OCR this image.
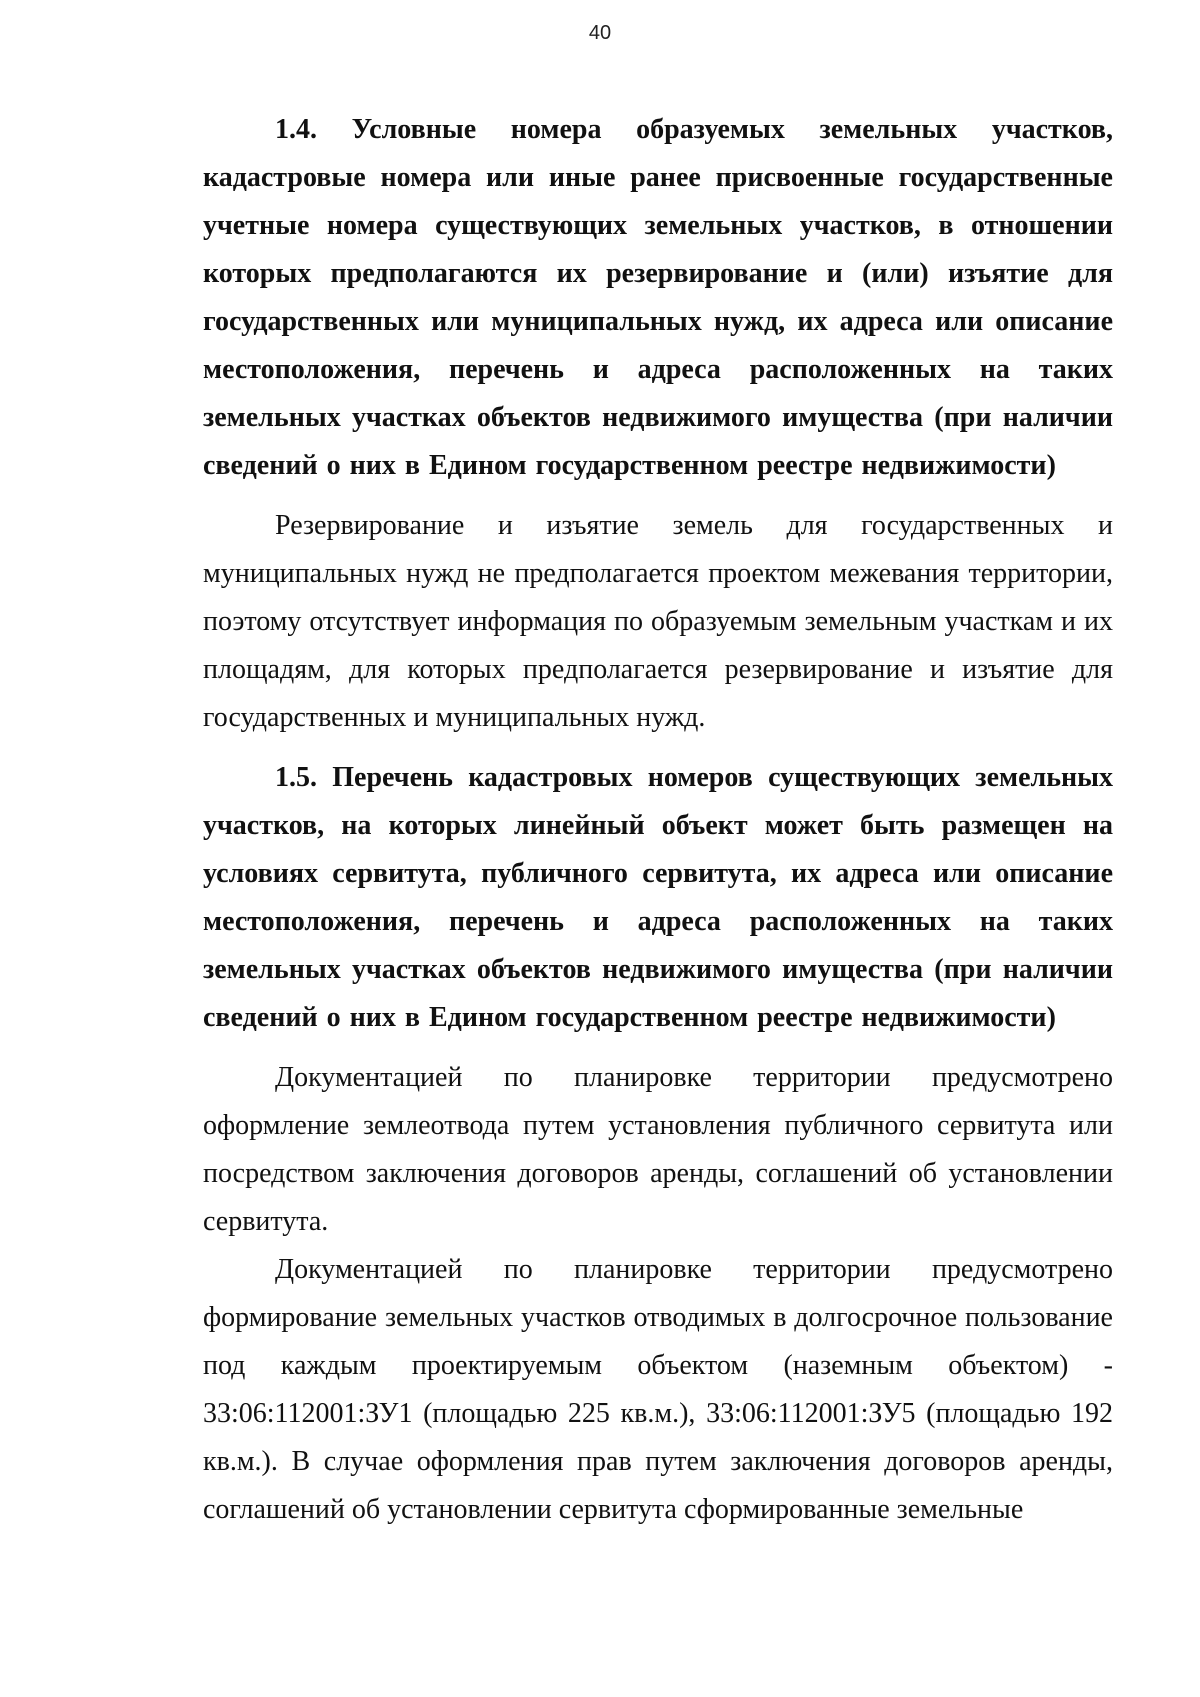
40

1.4. Условные номера образуемых земельных участков, кадастровые номера или иные ранее присвоенные государственные учетные номера существующих земельных участков, в отношении которых предполагаются их резервирование и (или) изъятие для государственных или муниципальных нужд, их адреса или описание местоположения, перечень и адреса расположенных на таких земельных участках объектов недвижимого имущества (при наличии сведений о них в Едином государственном реестре недвижимости)

Резервирование и изъятие земель для государственных и муниципальных нужд не предполагается проектом межевания территории, поэтому отсутствует информация по образуемым земельным участкам и их площадям, для которых предполагается резервирование и изъятие для государственных и муниципальных нужд.

1.5. Перечень кадастровых номеров существующих земельных участков, на которых линейный объект может быть размещен на условиях сервитута, публичного сервитута, их адреса или описание местоположения, перечень и адреса расположенных на таких земельных участках объектов недвижимого имущества (при наличии сведений о них в Едином государственном реестре недвижимости)

Документацией по планировке территории предусмотрено оформление землеотвода путем установления публичного сервитута или посредством заключения договоров аренды, соглашений об установлении сервитута.

Документацией по планировке территории предусмотрено формирование земельных участков отводимых в долгосрочное пользование под каждым проектируемым объектом (наземным объектом) - 33:06:112001:ЗУ1 (площадью 225 кв.м.), 33:06:112001:ЗУ5 (площадью 192 кв.м.). В случае оформления прав путем заключения договоров аренды, соглашений об установлении сервитута сформированные земельные
